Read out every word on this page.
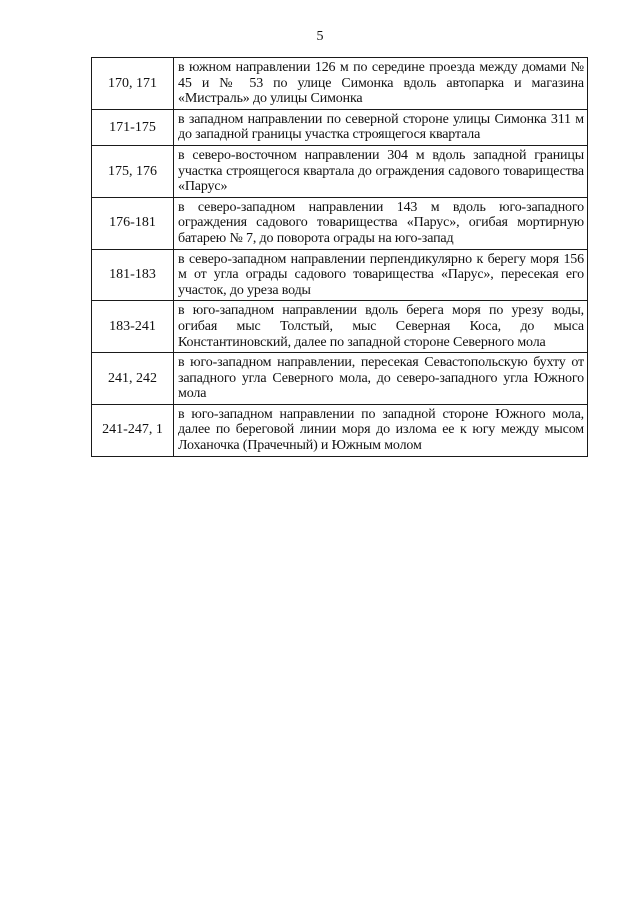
5
170, 171	в южном направлении 126 м по середине проезда между домами № 45 и № 53 по улице Симонка вдоль автопарка и магазина «Мистраль» до улицы Симонка
171-175	в западном направлении по северной стороне улицы Симонка 311 м до западной границы участка строящегося квартала
175, 176	в северо-восточном направлении 304 м вдоль западной границы участка строящегося квартала до ограждения садового товарищества «Парус»
176-181	в северо-западном направлении 143 м вдоль юго-западного ограждения садового товарищества «Парус», огибая мортирную батарею № 7, до поворота ограды на юго-запад
181-183	в северо-западном направлении перпендикулярно к берегу моря 156 м от угла ограды садового товарищества «Парус», пересекая его участок, до уреза воды
183-241	в юго-западном направлении вдоль берега моря по урезу воды, огибая мыс Толстый, мыс Северная Коса, до мыса Константиновский, далее по западной стороне Северного мола
241, 242	в юго-западном направлении, пересекая Севастопольскую бухту от западного угла Северного мола, до северо-западного угла Южного мола
241-247, 1	в юго-западном направлении по западной стороне Южного мола, далее по береговой линии моря до излома ее к югу между мысом Лоханочка (Прачечный) и Южным молом
